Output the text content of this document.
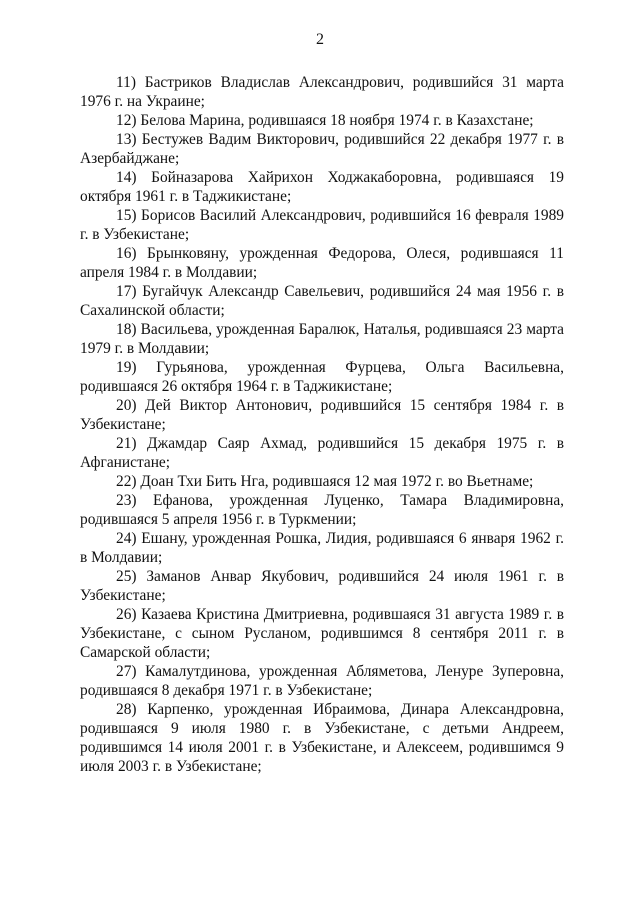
2

11) Бастриков Владислав Александрович, родившийся 31 марта 1976 г. на Украине;

12) Белова Марина, родившаяся 18 ноября 1974 г. в Казахстане;

13) Бестужев Вадим Викторович, родившийся 22 декабря 1977 г. в Азербайджане;

14) Бойназарова Хайрихон Ходжакаборовна, родившаяся 19 октября 1961 г. в Таджикистане;

15) Борисов Василий Александрович, родившийся 16 февраля 1989 г. в Узбекистане;

16) Брынковяну, урожденная Федорова, Олеся, родившаяся 11 апреля 1984 г. в Молдавии;

17) Бугайчук Александр Савельевич, родившийся 24 мая 1956 г. в Сахалинской области;

18) Васильева, урожденная Баралюк, Наталья, родившаяся 23 марта 1979 г. в Молдавии;

19) Гурьянова, урожденная Фурцева, Ольга Васильевна, родившаяся 26 октября 1964 г. в Таджикистане;

20) Дей Виктор Антонович, родившийся 15 сентября 1984 г. в Узбекистане;

21) Джамдар Саяр Ахмад, родившийся 15 декабря 1975 г. в Афганистане;

22) Доан Тхи Бить Нга, родившаяся 12 мая 1972 г. во Вьетнаме;

23) Ефанова, урожденная Луценко, Тамара Владимировна, родившаяся 5 апреля 1956 г. в Туркмении;

24) Ешану, урожденная Рошка, Лидия, родившаяся 6 января 1962 г. в Молдавии;

25) Заманов Анвар Якубович, родившийся 24 июля 1961 г. в Узбекистане;

26) Казаева Кристина Дмитриевна, родившаяся 31 августа 1989 г. в Узбекистане, с сыном Русланом, родившимся 8 сентября 2011 г. в Самарской области;

27) Камалутдинова, урожденная Абляметова, Ленуре Зуперовна, родившаяся 8 декабря 1971 г. в Узбекистане;

28) Карпенко, урожденная Ибраимова, Динара Александровна, родившаяся 9 июля 1980 г. в Узбекистане, с детьми Андреем, родившимся 14 июля 2001 г. в Узбекистане, и Алексеем, родившимся 9 июля 2003 г. в Узбекистане;
